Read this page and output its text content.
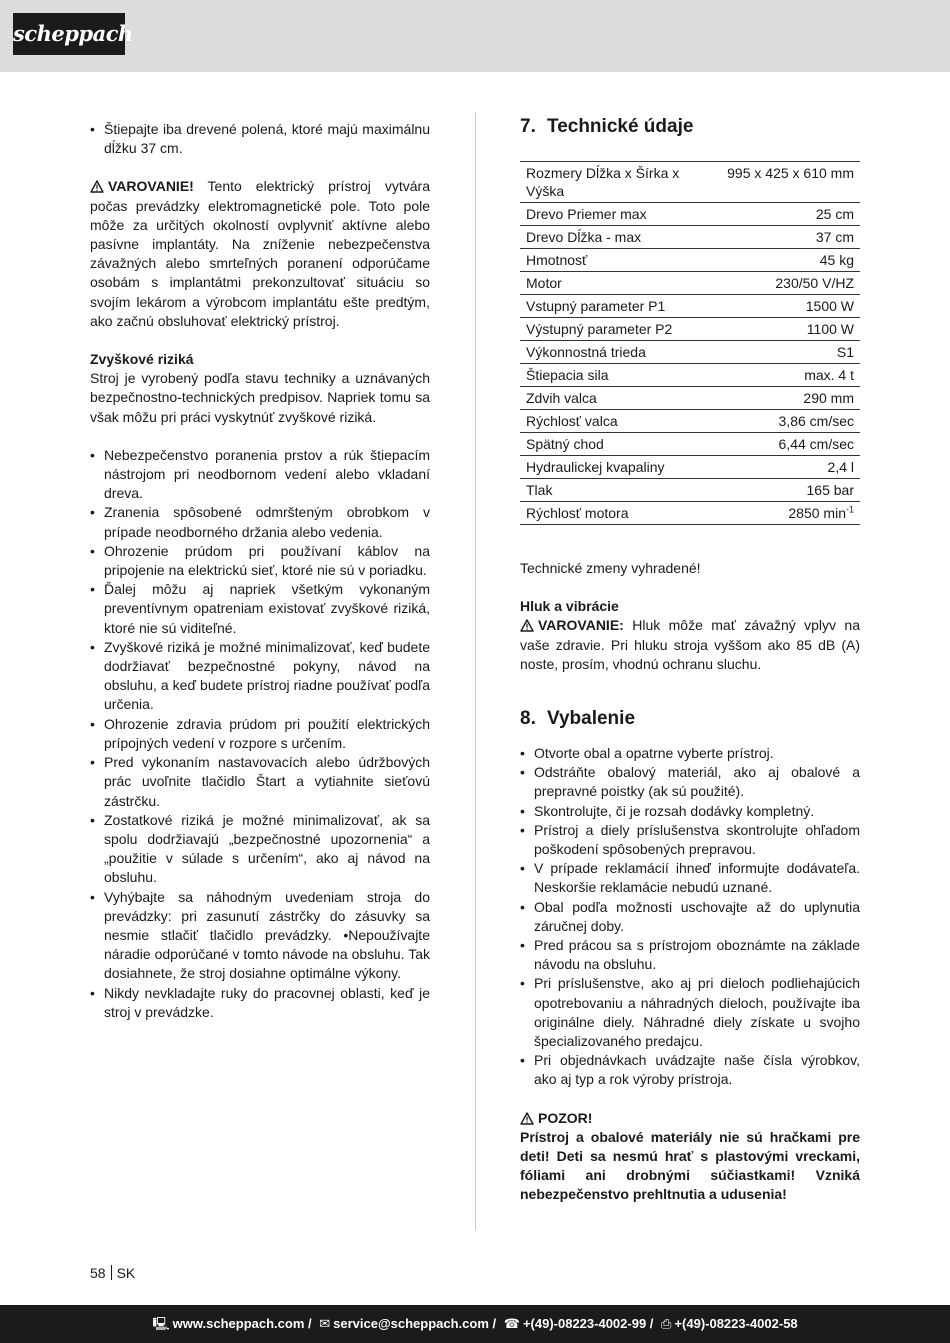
scheppach
• Štiepajte iba drevené polená, ktoré majú maximálnu dĺžku 37 cm.

VAROVANIE! Tento elektrický prístroj vytvára počas prevádzky elektromagnetické pole. Toto pole môže za určitých okolností ovplyvniť aktívne alebo pasívne implantáty. Na zníženie nebezpečenstva závažných alebo smrteľných poranení odporúčame osobám s implantátmi prekonzultovať situáciu so svojím lekárom a výrobcom implantátu ešte predtým, ako začnú obsluhovať elektrický prístroj.

Zvyškové riziká

Stroj je vyrobený podľa stavu techniky a uznávaných bezpečnostno-technických predpisov. Napriek tomu sa však môžu pri práci vyskytnúť zvyškové riziká.

• Nebezpečenstvo poranenia prstov a rúk štiepacím nástrojom pri neodbornom vedení alebo vkladaní dreva.
• Zranenia spôsobené odmršteným obrobkom v prípade neodborného držania alebo vedenia.
• Ohrozenie prúdom pri používaní káblov na pripojenie na elektrickú sieť, ktoré nie sú v poriadku.
• Ďalej môžu aj napriek všetkým vykonaným preventívnym opatreniam existovať zvyškové riziká, ktoré nie sú viditeľné.
• Zvyškové riziká je možné minimalizovať, keď budete dodržiavať bezpečnostné pokyny, návod na obsluhu, a keď budete prístroj riadne používať podľa určenia.
• Ohrozenie zdravia prúdom pri použití elektrických prípojných vedení v rozpore s určením.
• Pred vykonaním nastavovacích alebo údržbových prác uvoľnite tlačidlo Štart a vytiahnite sieťovú zástrčku.
• Zostatkové riziká je možné minimalizovať, ak sa spolu dodržiavajú „bezpečnostné upozornenia“ a „použitie v súlade s určením“, ako aj návod na obsluhu.
• Vyhýbajte sa náhodným uvedeniam stroja do prevádzky: pri zasunutí zástrčky do zásuvky sa nesmie stlačiť tlačidlo prevádzky. •Nepoužívajte náradie odporúčané v tomto návode na obsluhu. Tak dosiahnete, že stroj dosiahne optimálne výkony.
• Nikdy nevkladajte ruky do pracovnej oblasti, keď je stroj v prevádzke.
7. Technické údaje
Rozmery Dĺžka x Šírka x Výška	995 x 425 x 610 mm
Drevo Priemer max	25 cm
Drevo Dĺžka - max	37 cm
Hmotnosť	45 kg
Motor	230/50 V/HZ
Vstupný parameter P1	1500 W
Výstupný parameter P2	1100 W
Výkonnostná trieda	S1
Štiepacia sila	max. 4 t
Zdvih valca	290 mm
Rýchlosť valca	3,86 cm/sec
Spätný chod	6,44 cm/sec
Hydraulickej kvapaliny	2,4 l
Tlak	165 bar
Rýchlosť motora	2850 $\min^{-1}$

Technické zmeny vyhradené!

Hluk a vibrácie

VAROVANIE: Hluk môže mať závažný vplyv na vaše zdravie. Pri hluku stroja vyššom ako 85 dB (A) noste, prosím, vhodnú ochranu sluchu.

8. Vybalenie
• Otvorte obal a opatrne vyberte prístroj.
• Odstráňte obalový materiál, ako aj obalové a prepravné poistky (ak sú použité).
• Skontrolujte, či je rozsah dodávky kompletný.
• Prístroj a diely príslušenstva skontrolujte ohľadom poškodení spôsobených prepravou.
• V prípade reklamácií ihneď informujte dodávateľa. Neskoršie reklamácie nebudú uznané.
• Obal podľa možnosti uschovajte až do uplynutia záručnej doby.
• Pred prácou sa s prístrojom oboznámte na základe návodu na obsluhu.
• Pri príslušenstve, ako aj pri dieloch podliehajúcich opotrebovaniu a náhradných dieloch, používajte iba originálne diely. Náhradné diely získate u svojho špecializovaného predajcu.
• Pri objednávkach uvádzajte naše čísla výrobkov, ako aj typ a rok výroby prístroja.

POZOR!

Prístroj a obalové materiály nie sú hračkami pre deti! Deti sa nesmú hrať s plastovými vreckami, fóliami ani drobnými súčiastkami! Vzniká nebezpečenstvo prehltnutia a udusenia!

58 SK
🖳︎ www.scheppach.com / ✉︎ service@scheppach.com / ☎︎ +(49)-08223-4002-99 / ⎙ +(49)-08223-4002-58
